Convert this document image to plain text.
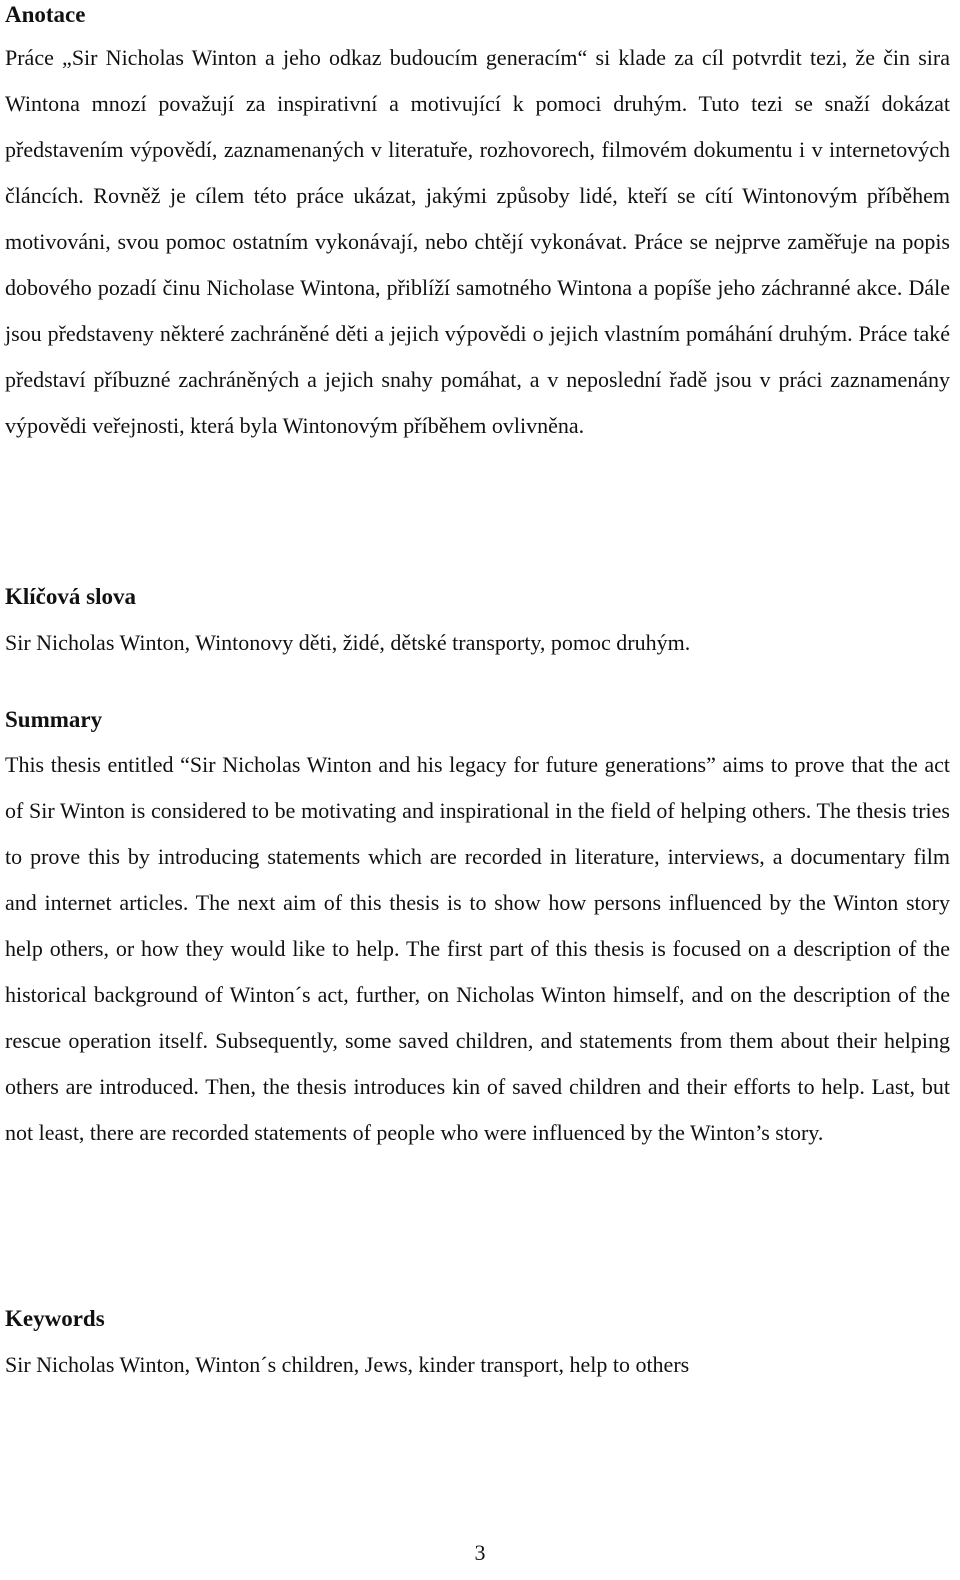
Anotace

Práce „Sir Nicholas Winton a jeho odkaz budoucím generacím“ si klade za cíl potvrdit tezi, že čin sira Wintona mnozí považují za inspirativní a motivující k pomoci druhým. Tuto tezi se snaží dokázat představením výpovědí, zaznamenaných v literatuře, rozhovorech, filmovém dokumentu i v internetových článcích. Rovněž je cílem této práce ukázat, jakými způsoby lidé, kteří se cítí Wintonovým příběhem motivováni, svou pomoc ostatním vykonávají, nebo chtějí vykonávat. Práce se nejprve zaměřuje na popis dobového pozadí činu Nicholase Wintona, přiblíží samotného Wintona a popíše jeho záchranné akce. Dále jsou představeny některé zachráněné děti a jejich výpovědi o jejich vlastním pomáhání druhým. Práce také představí příbuzné zachráněných a jejich snahy pomáhat, a v neposlední řadě jsou v práci zaznamenány výpovědi veřejnosti, která byla Wintonovým příběhem ovlivněna.

Klíčová slova

Sir Nicholas Winton, Wintonovy děti, židé, dětské transporty, pomoc druhým.

Summary

This thesis entitled “Sir Nicholas Winton and his legacy for future generations” aims to prove that the act of Sir Winton is considered to be motivating and inspirational in the field of helping others. The thesis tries to prove this by introducing statements which are recorded in literature, interviews, a documentary film and internet articles. The next aim of this thesis is to show how persons influenced by the Winton story help others, or how they would like to help. The first part of this thesis is focused on a description of the historical background of Winton´s act, further, on Nicholas Winton himself, and on the description of the rescue operation itself. Subsequently, some saved children, and statements from them about their helping others are introduced. Then, the thesis introduces kin of saved children and their efforts to help. Last, but not least, there are recorded statements of people who were influenced by the Winton’s story.

Keywords

Sir Nicholas Winton, Winton´s children, Jews, kinder transport, help to others

3
